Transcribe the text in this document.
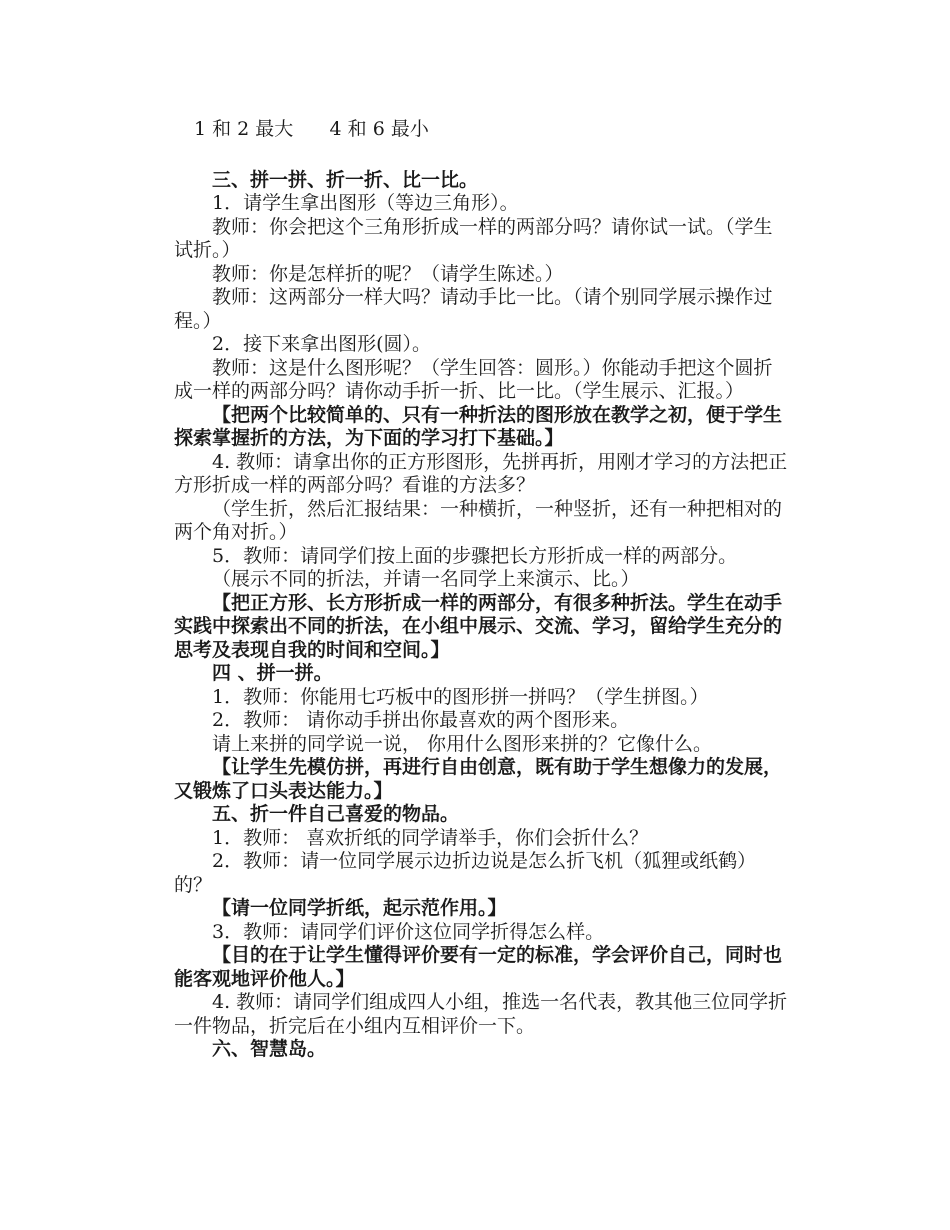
1 和 2 最大      4 和 6 最小
三、拼一拼、折一折、比一比。
1．请学生拿出图形（等边三角形）。
教师：你会把这个三角形折成一样的两部分吗？请你试一试。（学生试折。）
教师：你是怎样折的呢？（请学生陈述。）
教师：这两部分一样大吗？请动手比一比。（请个别同学展示操作过程。）
2．接下来拿出图形(圆）。
教师：这是什么图形呢？（学生回答：圆形。）你能动手把这个圆折成一样的两部分吗？请你动手折一折、比一比。（学生展示、汇报。）
【把两个比较简单的、只有一种折法的图形放在教学之初，便于学生探索掌握折的方法，为下面的学习打下基础。】
4. 教师：请拿出你的正方形图形，先拼再折，用刚才学习的方法把正方形折成一样的两部分吗？看谁的方法多？
（学生折，然后汇报结果：一种横折，一种竖折，还有一种把相对的两个角对折。）
5．教师：请同学们按上面的步骤把长方形折成一样的两部分。
（展示不同的折法，并请一名同学上来演示、比。）
【把正方形、长方形折成一样的两部分，有很多种折法。学生在动手实践中探索出不同的折法，在小组中展示、交流、学习，留给学生充分的思考及表现自我的时间和空间。】
四 、拼一拼。
1．教师：你能用七巧板中的图形拼一拼吗？（学生拼图。）
2．教师： 请你动手拼出你最喜欢的两个图形来。
请上来拼的同学说一说， 你用什么图形来拼的？它像什么。
【让学生先模仿拼，再进行自由创意，既有助于学生想像力的发展，又锻炼了口头表达能力。】
五、折一件自己喜爱的物品。
1．教师： 喜欢折纸的同学请举手，你们会折什么？
2．教师：请一位同学展示边折边说是怎么折飞机（狐狸或纸鹤）的？
【请一位同学折纸，起示范作用。】
3．教师：请同学们评价这位同学折得怎么样。
【目的在于让学生懂得评价要有一定的标准，学会评价自己，同时也能客观地评价他人。】
4. 教师：请同学们组成四人小组，推选一名代表，教其他三位同学折一件物品，折完后在小组内互相评价一下。
六、智慧岛。
